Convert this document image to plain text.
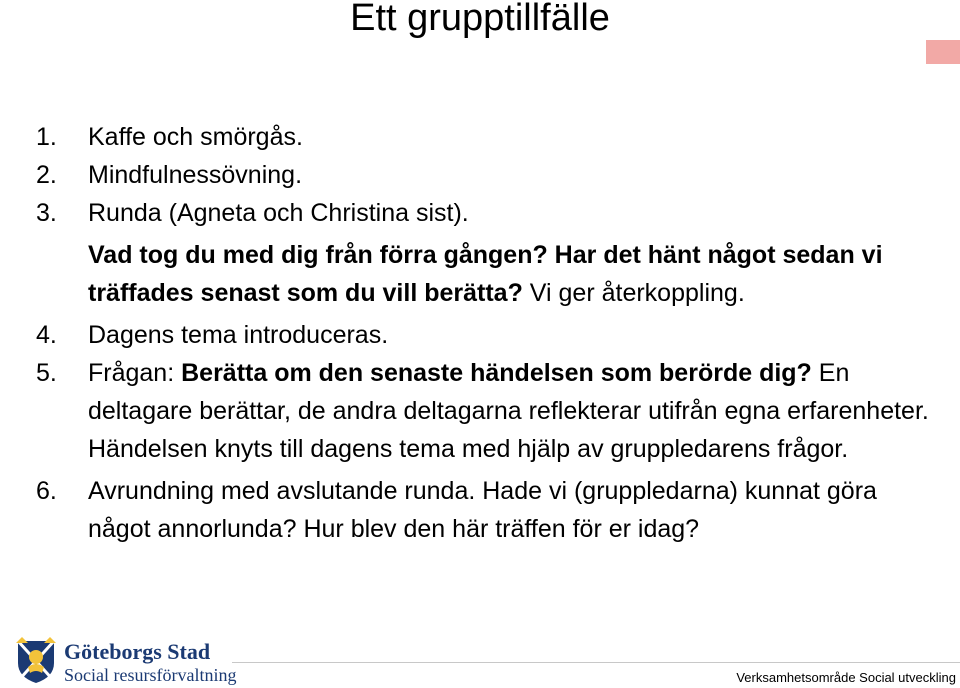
Ett grupptillfälle
1. Kaffe och smörgås.
2. Mindfulnessövning.
3. Runda (Agneta och Christina sist).
Vad tog du med dig från förra gången? Har det hänt något sedan vi träffades senast som du vill berätta? Vi ger återkoppling.
4. Dagens tema introduceras.
5. Frågan: Berätta om den senaste händelsen som berörde dig? En deltagare berättar, de andra deltagarna reflekterar utifrån egna erfarenheter. Händelsen knyts till dagens tema med hjälp av gruppledarens frågor.
6. Avrundning med avslutande runda. Hade vi (gruppledarna) kunnat göra något annorlunda? Hur blev den här träffen för er idag?
Göteborgs Stad
Social resursförvaltning	Verksamhetsområde Social utveckling
